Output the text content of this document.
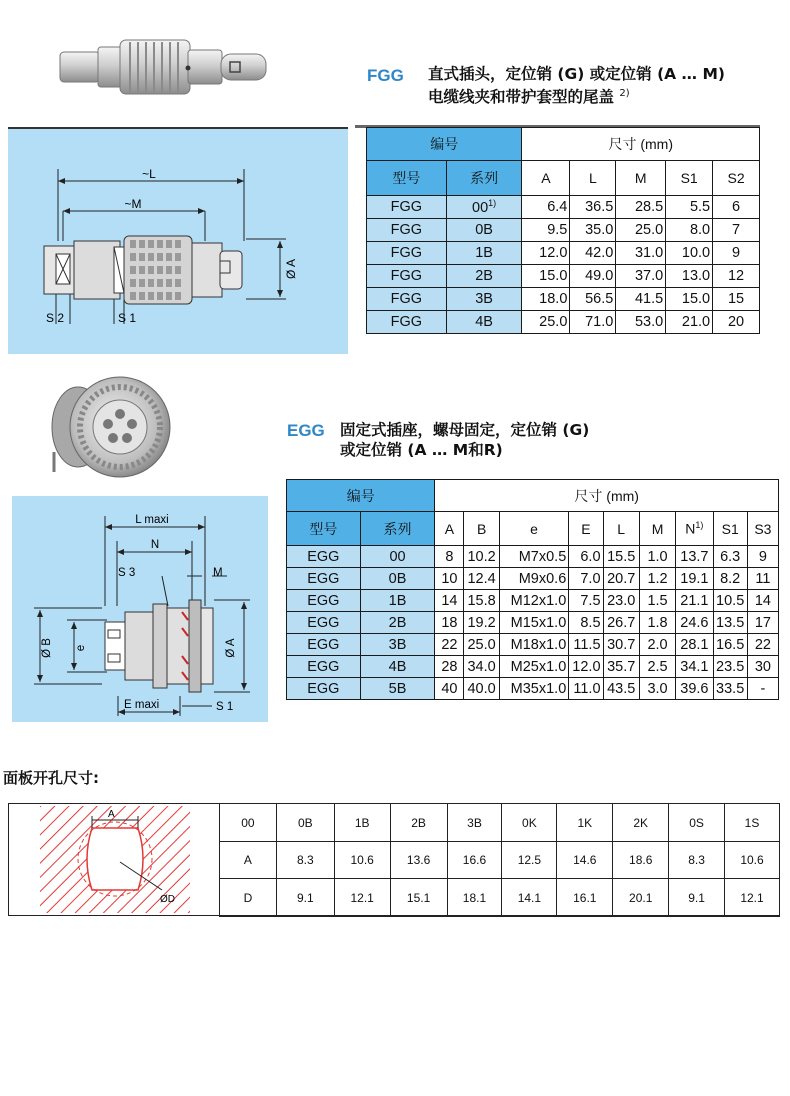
FGG 直式插头，定位销 (G) 或定位销 (A … M)
电缆线夹和带护套型的尾盖 $^{2)}$
~L
~M
Ø A
S 2	S 1
编号		尺寸 (mm)				
型号	系列	A	L	M	S1	S2
FGG	00$^{1)}$	6.4	36.5	28.5	5.5	6
FGG	0B	9.5	35.0	25.0	8.0	7
FGG	1B	12.0	42.0	31.0	10.0	9
FGG	2B	15.0	49.0	37.0	13.0	12
FGG	3B	18.0	56.5	41.5	15.0	15
FGG	4B	25.0	71.0	53.0	21.0	20
EGG 固定式插座，螺母固定，定位销 (G)
或定位销 (A … M和R)
L maxi
N
S 3	M
Ø B e	Ø A
E maxi	S 1
编号		尺寸 (mm)								
型号	系列	A	B	e	E	L	M	$N^{1)}$	S1	S3
EGG	00	8	10.2	M7x0.5	6.0	15.5	1.0	13.7	6.3	9
EGG	0B	10	12.4	M9x0.6	7.0	20.7	1.2	19.1	8.2	11
EGG	1B	14	15.8	M12x1.0	7.5	23.0	1.5	21.1	10.5	14
EGG	2B	18	19.2	M15x1.0	8.5	26.7	1.8	24.6	13.5	17
EGG	3B	22	25.0	M18x1.0	11.5	30.7	2.0	28.1	16.5	22
EGG	4B	28	34.0	M25x1.0	12.0	35.7	2.5	34.1	23.5	30
EGG	5B	40	40.0	M35x1.0	11.0	43.5	3.0	39.6	33.5	-
面板开孔尺寸:
A
ØD
00	0B	1B	2B	3B	0K	1K	2K	0S	1S
A	8.3	10.6	13.6	16.6	12.5	14.6	18.6	8.3	10.6
D	9.1	12.1	15.1	18.1	14.1	16.1	20.1	9.1	12.1
